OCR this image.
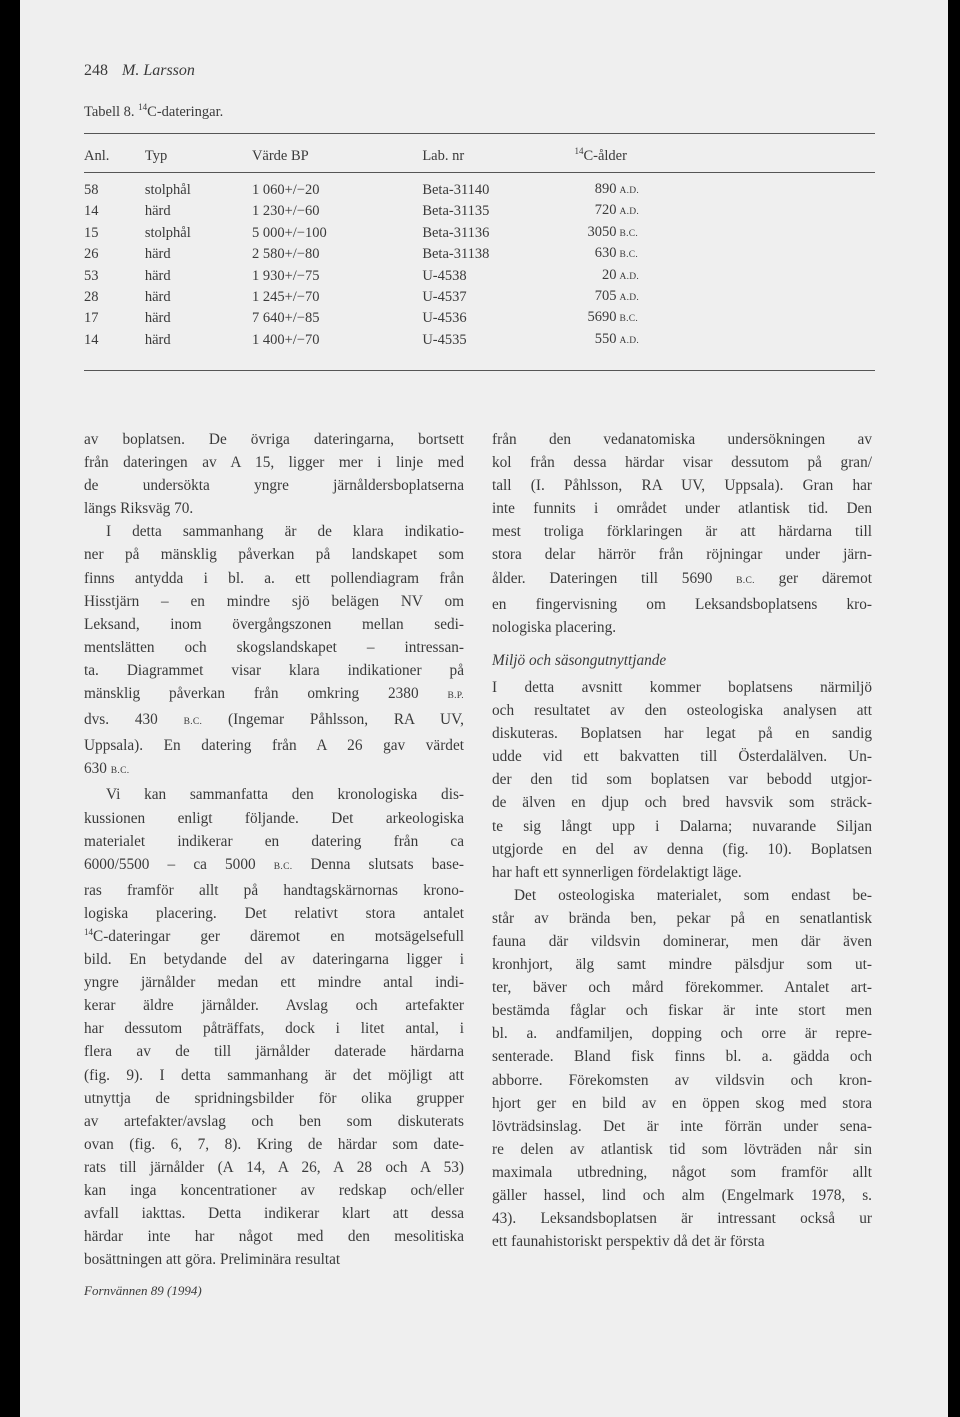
248 M. Larsson
Tabell 8. $^{14}$C-dateringar.
Anl.	Typ	Värde BP	Lab. nr	$^{14}$C-ålder

58	stolphål	1 060+/−20	Beta-31140	890 A.D.
14	härd	1 230+/−60	Beta-31135	720 A.D.
15	stolphål	5 000+/−100	Beta-31136	3050 B.C.
26	härd	2 580+/−80	Beta-31138	630 B.C.
53	härd	1 930+/−75	U-4538	20 A.D.
28	härd	1 245+/−70	U-4537	705 A.D.
17	härd	7 640+/−85	U-4536	5690 B.C.
14	härd	1 400+/−70	U-4535	550 A.D.
av boplatsen. De övriga dateringarna, bortsett
från dateringen av A 15, ligger mer i linje med
de undersökta yngre järnåldersboplatserna
längs Riksväg 70.
I detta sammanhang är de klara indikatio-
ner på mänsklig påverkan på landskapet som
finns antydda i bl. a. ett pollendiagram från
Hisstjärn – en mindre sjö belägen NV om
Leksand, inom övergångszonen mellan sedi-
mentslätten och skogslandskapet – intressan-
ta. Diagrammet visar klara indikationer på
mänsklig påverkan från omkring 2380 B.P.
dvs. 430 B.C. (Ingemar Påhlsson, RA UV,
Uppsala). En datering från A 26 gav värdet
630 B.C.
Vi kan sammanfatta den kronologiska dis-
kussionen enligt följande. Det arkeologiska
materialet indikerar en datering från ca
6000/5500 – ca 5000 B.C. Denna slutsats base-
ras framför allt på handtagskärnornas krono-
logiska placering. Det relativt stora antalet
$^{14}$C-dateringar ger däremot en motsägelsefull
bild. En betydande del av dateringarna ligger i
yngre järnålder medan ett mindre antal indi-
kerar äldre järnålder. Avslag och artefakter
har dessutom påträffats, dock i litet antal, i
flera av de till järnålder daterade härdarna
(fig. 9). I detta sammanhang är det möjligt att
utnyttja de spridningsbilder för olika grupper
av artefakter/avslag och ben som diskuterats
ovan (fig. 6, 7, 8). Kring de härdar som date-
rats till järnålder (A 14, A 26, A 28 och A 53)
kan inga koncentrationer av redskap och/eller
avfall iakttas. Detta indikerar klart att dessa
härdar inte har något med den mesolitiska
bosättningen att göra. Preliminära resultat
från den vedanatomiska undersökningen av
kol från dessa härdar visar dessutom på gran/
tall (I. Påhlsson, RA UV, Uppsala). Gran har
inte funnits i området under atlantisk tid. Den
mest troliga förklaringen är att härdarna till
stora delar härrör från röjningar under järn-
ålder. Dateringen till 5690 B.C. ger däremot
en fingervisning om Leksandsboplatsens kro-
nologiska placering.
Miljö och säsongutnyttjande
I detta avsnitt kommer boplatsens närmiljö
och resultatet av den osteologiska analysen att
diskuteras. Boplatsen har legat på en sandig
udde vid ett bakvatten till Österdalälven. Un-
der den tid som boplatsen var bebodd utgjor-
de älven en djup och bred havsvik som sträck-
te sig långt upp i Dalarna; nuvarande Siljan
utgjorde en del av denna (fig. 10). Boplatsen
har haft ett synnerligen fördelaktigt läge.
Det osteologiska materialet, som endast be-
står av brända ben, pekar på en senatlantisk
fauna där vildsvin dominerar, men där även
kronhjort, älg samt mindre pälsdjur som ut-
ter, bäver och mård förekommer. Antalet art-
bestämda fåglar och fiskar är inte stort men
bl. a. andfamiljen, dopping och orre är repre-
senterade. Bland fisk finns bl. a. gädda och
abborre. Förekomsten av vildsvin och kron-
hjort ger en bild av en öppen skog med stora
lövträdsinslag. Det är inte förrän under sena-
re delen av atlantisk tid som lövträden når sin
maximala utbredning, något som framför allt
gäller hassel, lind och alm (Engelmark 1978, s.
43). Leksandsboplatsen är intressant också ur
ett faunahistoriskt perspektiv då det är första
Fornvännen 89 (1994)
